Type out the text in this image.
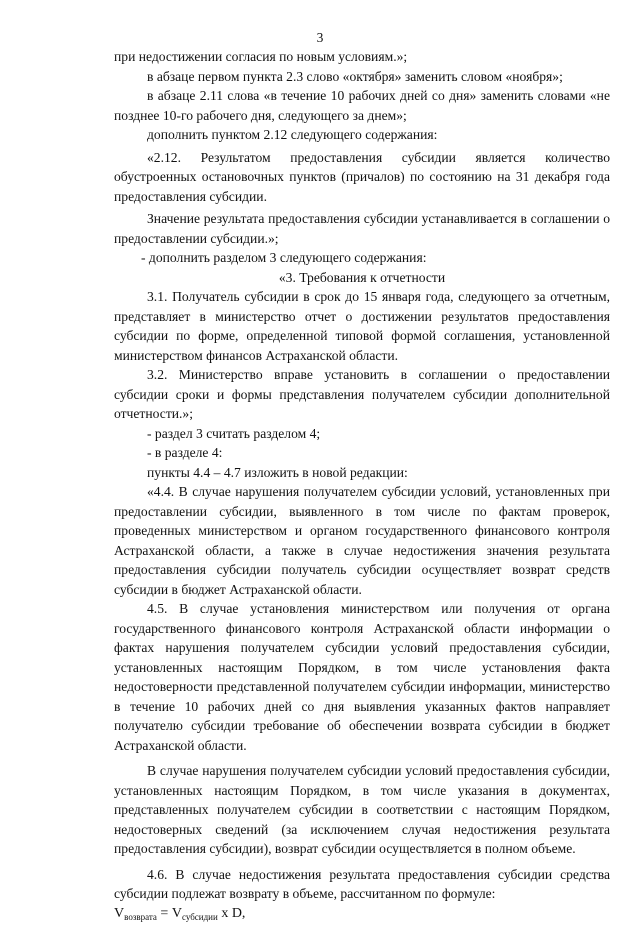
3

при недостижении согласия по новым условиям.»;

в абзаце первом пункта 2.3 слово «октября» заменить словом «ноября»;

в абзаце 2.11 слова «в течение 10 рабочих дней со дня» заменить словами «не позднее 10-го рабочего дня, следующего за днем»;

дополнить пунктом 2.12 следующего содержания:

«2.12. Результатом предоставления субсидии является количество обустроенных остановочных пунктов (причалов) по состоянию на 31 декабря года предоставления субсидии.

Значение результата предоставления субсидии устанавливается в соглашении о предоставлении субсидии.»;

- дополнить разделом 3 следующего содержания:

«3. Требования к отчетности

3.1. Получатель субсидии в срок до 15 января года, следующего за отчетным, представляет в министерство отчет о достижении результатов предоставления субсидии по форме, определенной типовой формой соглашения, установленной министерством финансов Астраханской области.

3.2. Министерство вправе установить в соглашении о предоставлении субсидии сроки и формы представления получателем субсидии дополнительной отчетности.»;

- раздел 3 считать разделом 4;

- в разделе 4:

пункты 4.4 – 4.7 изложить в новой редакции:

«4.4. В случае нарушения получателем субсидии условий, установленных при предоставлении субсидии, выявленного в том числе по фактам проверок, проведенных министерством и органом государственного финансового контроля Астраханской области, а также в случае недостижения значения результата предоставления субсидии получатель субсидии осуществляет возврат средств субсидии в бюджет Астраханской области.

4.5. В случае установления министерством или получения от органа государственного финансового контроля Астраханской области информации о фактах нарушения получателем субсидии условий предоставления субсидии, установленных настоящим Порядком, в том числе установления факта недостоверности представленной получателем субсидии информации, министерство в течение 10 рабочих дней со дня выявления указанных фактов направляет получателю субсидии требование об обеспечении возврата субсидии в бюджет Астраханской области.

В случае нарушения получателем субсидии условий предоставления субсидии, установленных настоящим Порядком, в том числе указания в документах, представленных получателем субсидии в соответствии с настоящим Порядком, недостоверных сведений (за исключением случая недостижения результата предоставления субсидии), возврат субсидии осуществляется в полном объеме.

4.6. В случае недостижения результата предоставления субсидии средства субсидии подлежат возврату в объеме, рассчитанном по формуле:

$V_{возврата} = V_{субсидии}$ x D,
